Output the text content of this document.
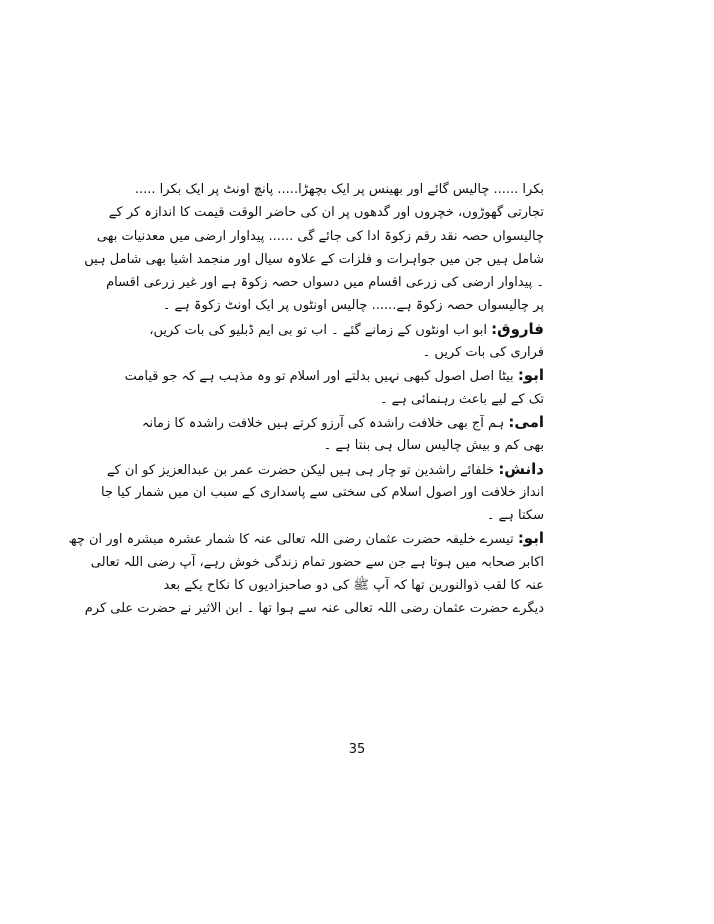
بکرا ...... چالیس گائے اور بھینس پر ایک بچھڑا..... پانچ اونٹ پر ایک بکرا .....
تجارتی گھوڑوں، خچروں اور گدھوں پر ان کی حاضر الوقت قیمت کا اندازہ کر کے
چالیسواں حصہ نقد رقم زکوۃ ادا کی جائے گی ...... پیداوار ارضی میں معدنیات بھی
شامل ہیں جن میں جواہرات و فلزات کے علاوہ سیال اور منجمد اشیا بھی شامل ہیں
۔ پیداوار ارضی کی زرعی اقسام میں دسواں حصہ زکوۃ ہے اور غیر زرعی اقسام
پر چالیسواں حصہ زکوۃ ہے...... چالیس اونٹوں پر ایک اونٹ زکوۃ ہے ۔
فاروق: ابو اب اونٹوں کے زمانے گئے ۔ اب تو بی ایم ڈبلیو کی بات کریں،
فراری کی بات کریں ۔
ابو: بیٹا اصل اصول کبھی نہیں بدلتے اور اسلام تو وہ مذہب ہے کہ جو قیامت
تک کے لیے باعث رہنمائی ہے ۔
امی: ہم آج بھی خلافت راشدہ کی آرزو کرتے ہیں خلافت راشدہ کا زمانہ
بھی کم و بیش چالیس سال ہی بنتا ہے ۔
دانش: خلفائے راشدین تو چار ہی ہیں لیکن حضرت عمر بن عبدالعزیز کو ان کے
انداز خلافت اور اصول اسلام کی سختی سے پاسداری کے سبب ان میں شمار کیا جا
سکتا ہے ۔
ابو: تیسرے خلیفہ حضرت عثمان رضی اللہ تعالی عنہ کا شمار عشرہ مبشرہ اور ان چھ
اکابر صحابہ میں ہوتا ہے جن سے حضور تمام زندگی خوش رہے، آپ رضی اللہ تعالی
عنہ کا لقب ذوالنورین تھا کہ آپ ﷺ کی دو صاحبزادیوں کا نکاح یکے بعد
دیگرے حضرت عثمان رضی اللہ تعالی عنہ سے ہوا تھا ۔ ابن الاثیر نے حضرت علی کرم
35
